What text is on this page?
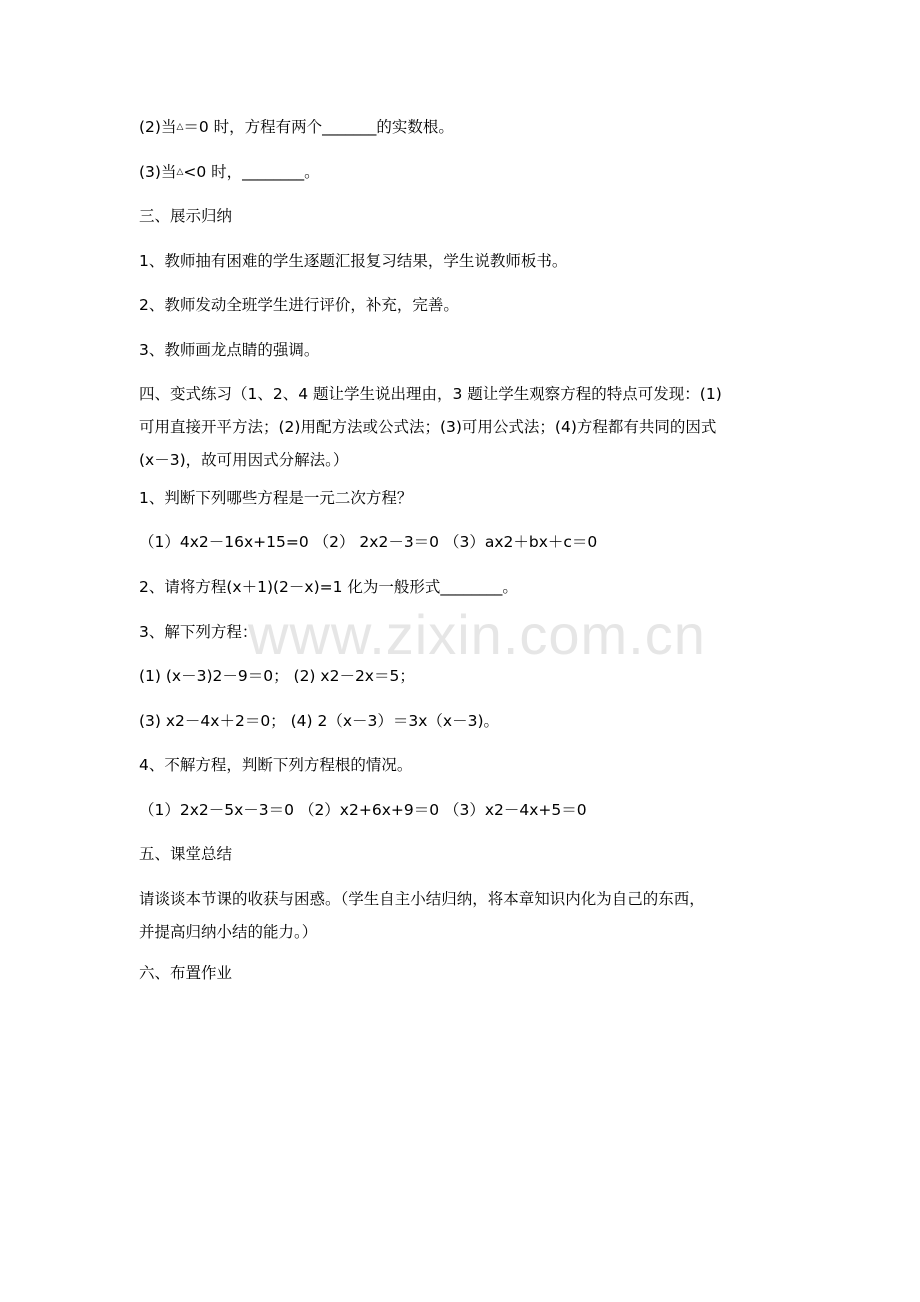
www.zixin.com.cn
(2)当△＝0 时，方程有两个_______的实数根。
(3)当△<0 时，________。
三、展示归纳
1、教师抽有困难的学生逐题汇报复习结果，学生说教师板书。
2、教师发动全班学生进行评价，补充，完善。
3、教师画龙点睛的强调。
四、变式练习（1、2、4 题让学生说出理由，3 题让学生观察方程的特点可发现：(1)
可用直接开平方法；(2)用配方法或公式法；(3)可用公式法；(4)方程都有共同的因式
(x－3)，故可用因式分解法。）
1、判断下列哪些方程是一元二次方程？
（1）4x2－16x+15=0 （2） 2x2－3＝0 （3）ax2＋bx＋c＝0
2、请将方程(x＋1)(2－x)=1 化为一般形式________。
3、解下列方程：
(1) (x－3)2－9＝0； (2) x2－2x＝5；
(3) x2－4x＋2＝0； (4) 2（x－3）＝3x（x－3)。
4、不解方程，判断下列方程根的情况。
（1）2x2－5x－3＝0 （2）x2+6x+9＝0 （3）x2－4x+5＝0
五、课堂总结
请谈谈本节课的收获与困惑。（学生自主小结归纳，将本章知识内化为自己的东西，
并提高归纳小结的能力。）
六、布置作业
